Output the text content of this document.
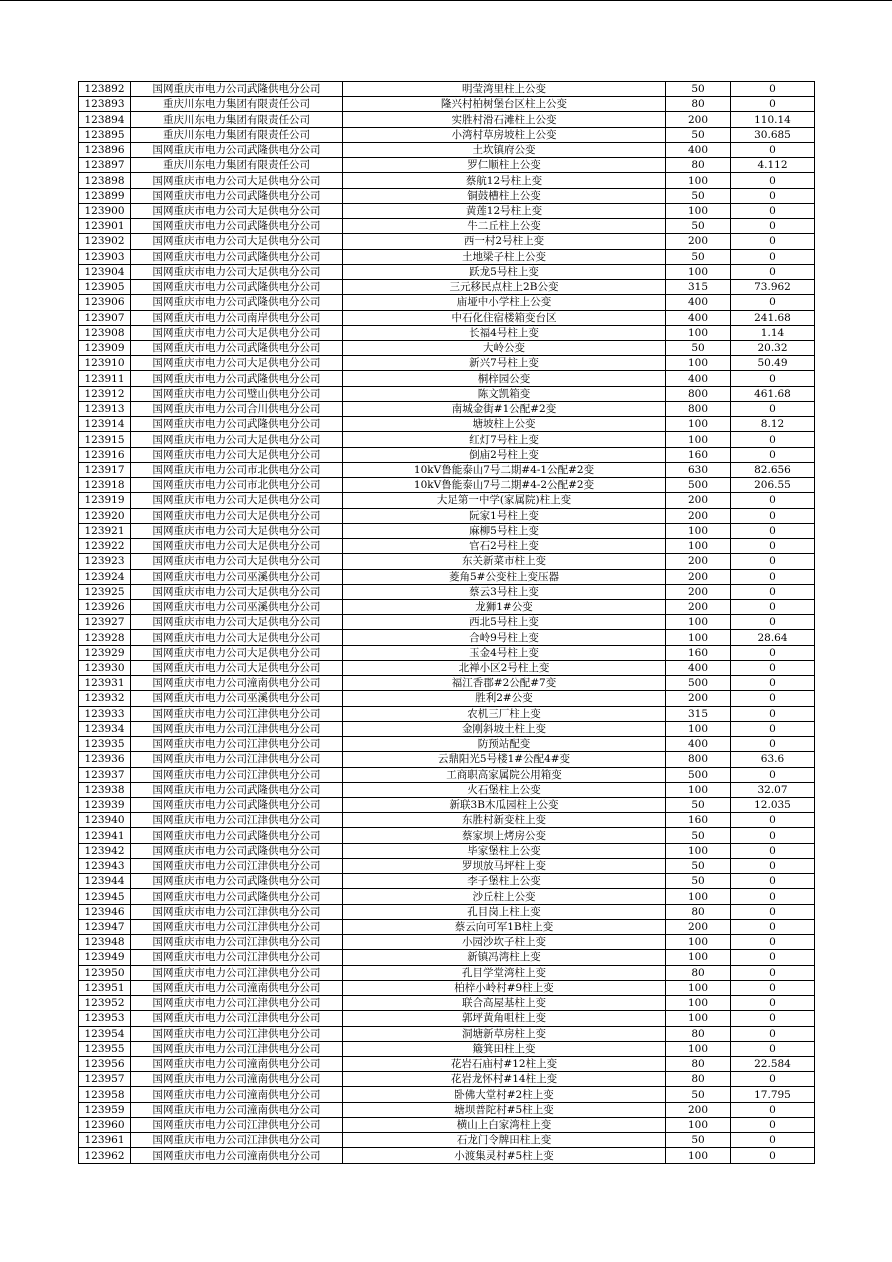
123892	国网重庆市电力公司武隆供电分公司	明莹湾里柱上公变	50	0
123893	重庆川东电力集团有限责任公司	隆兴村柏树堡台区柱上公变	80	0
123894	重庆川东电力集团有限责任公司	实胜村滑石滩柱上公变	200	110.14
123895	重庆川东电力集团有限责任公司	小湾村草房坡柱上公变	50	30.685
123896	国网重庆市电力公司武隆供电分公司	土坎镇府公变	400	0
123897	重庆川东电力集团有限责任公司	罗仁顺柱上公变	80	4.112
123898	国网重庆市电力公司大足供电分公司	蔡航12号柱上变	100	0
123899	国网重庆市电力公司武隆供电分公司	铜鼓槽柱上公变	50	0
123900	国网重庆市电力公司大足供电分公司	黄莲12号柱上变	100	0
123901	国网重庆市电力公司武隆供电分公司	牛二丘柱上公变	50	0
123902	国网重庆市电力公司大足供电分公司	西一村2号柱上变	200	0
123903	国网重庆市电力公司武隆供电分公司	土地梁子柱上公变	50	0
123904	国网重庆市电力公司大足供电分公司	跃龙5号柱上变	100	0
123905	国网重庆市电力公司武隆供电分公司	三元移民点柱上2B公变	315	73.962
123906	国网重庆市电力公司武隆供电分公司	庙垭中小学柱上公变	400	0
123907	国网重庆市电力公司南岸供电分公司	中石化住宿楼箱变台区	400	241.68
123908	国网重庆市电力公司大足供电分公司	长福4号柱上变	100	1.14
123909	国网重庆市电力公司武隆供电分公司	大岭公变	50	20.32
123910	国网重庆市电力公司大足供电分公司	新兴7号柱上变	100	50.49
123911	国网重庆市电力公司武隆供电分公司	桐梓园公变	400	0
123912	国网重庆市电力公司璧山供电分公司	陈文凯箱变	800	461.68
123913	国网重庆市电力公司合川供电分公司	南城金街#1公配#2变	800	0
123914	国网重庆市电力公司武隆供电分公司	塘坡柱上公变	100	8.12
123915	国网重庆市电力公司大足供电分公司	红灯7号柱上变	100	0
123916	国网重庆市电力公司大足供电分公司	倒庙2号柱上变	160	0
123917	国网重庆市电力公司市北供电分公司	10kV鲁能泰山7号二期#4-1公配#2变	630	82.656
123918	国网重庆市电力公司市北供电分公司	10kV鲁能泰山7号二期#4-2公配#2变	500	206.55
123919	国网重庆市电力公司大足供电分公司	大足第一中学(家属院)柱上变	200	0
123920	国网重庆市电力公司大足供电分公司	阮家1号柱上变	200	0
123921	国网重庆市电力公司大足供电分公司	麻柳5号柱上变	100	0
123922	国网重庆市电力公司大足供电分公司	官石2号柱上变	100	0
123923	国网重庆市电力公司大足供电分公司	东关新菜市柱上变	200	0
123924	国网重庆市电力公司巫溪供电分公司	菱角5#公变柱上变压器	200	0
123925	国网重庆市电力公司大足供电分公司	蔡云3号柱上变	200	0
123926	国网重庆市电力公司巫溪供电分公司	龙狮1#公变	200	0
123927	国网重庆市电力公司大足供电分公司	西北5号柱上变	100	0
123928	国网重庆市电力公司大足供电分公司	合岭9号柱上变	100	28.64
123929	国网重庆市电力公司大足供电分公司	玉金4号柱上变	160	0
123930	国网重庆市电力公司大足供电分公司	北禅小区2号柱上变	400	0
123931	国网重庆市电力公司潼南供电分公司	福江香郡#2公配#7变	500	0
123932	国网重庆市电力公司巫溪供电分公司	胜利2#公变	200	0
123933	国网重庆市电力公司江津供电分公司	农机三厂柱上变	315	0
123934	国网重庆市电力公司江津供电分公司	金刚斜坡土柱上变	100	0
123935	国网重庆市电力公司江津供电分公司	防预站配变	400	0
123936	国网重庆市电力公司江津供电分公司	云鼎阳光5号楼1#公配4#变	800	63.6
123937	国网重庆市电力公司江津供电分公司	工商职高家属院公用箱变	500	0
123938	国网重庆市电力公司武隆供电分公司	火石堡柱上公变	100	32.07
123939	国网重庆市电力公司武隆供电分公司	新联3B木瓜园柱上公变	50	12.035
123940	国网重庆市电力公司江津供电分公司	东胜村新变柱上变	160	0
123941	国网重庆市电力公司武隆供电分公司	蔡家坝上烤房公变	50	0
123942	国网重庆市电力公司武隆供电分公司	毕家堡柱上公变	100	0
123943	国网重庆市电力公司江津供电分公司	罗坝放马坪柱上变	50	0
123944	国网重庆市电力公司武隆供电分公司	李子堡柱上公变	50	0
123945	国网重庆市电力公司武隆供电分公司	沙丘柱上公变	100	0
123946	国网重庆市电力公司江津供电分公司	孔目岗上柱上变	80	0
123947	国网重庆市电力公司江津供电分公司	蔡云向可军1B柱上变	200	0
123948	国网重庆市电力公司江津供电分公司	小园沙坎子柱上变	100	0
123949	国网重庆市电力公司江津供电分公司	新镇冯湾柱上变	100	0
123950	国网重庆市电力公司江津供电分公司	孔目学堂湾柱上变	80	0
123951	国网重庆市电力公司潼南供电分公司	柏梓小岭村#9柱上变	100	0
123952	国网重庆市电力公司江津供电分公司	联合高屋基柱上变	100	0
123953	国网重庆市电力公司江津供电分公司	郭坪黄角咀柱上变	100	0
123954	国网重庆市电力公司江津供电分公司	洞塘新草房柱上变	80	0
123955	国网重庆市电力公司江津供电分公司	簸箕田柱上变	100	0
123956	国网重庆市电力公司潼南供电分公司	花岩石庙村#12柱上变	80	22.584
123957	国网重庆市电力公司潼南供电分公司	花岩龙怀村#14柱上变	80	0
123958	国网重庆市电力公司潼南供电分公司	卧佛大堂村#2柱上变	50	17.795
123959	国网重庆市电力公司潼南供电分公司	塘坝普陀村#5柱上变	200	0
123960	国网重庆市电力公司江津供电分公司	横山上白家湾柱上变	100	0
123961	国网重庆市电力公司江津供电分公司	石龙门令牌田柱上变	50	0
123962	国网重庆市电力公司潼南供电分公司	小渡集灵村#5柱上变	100	0
